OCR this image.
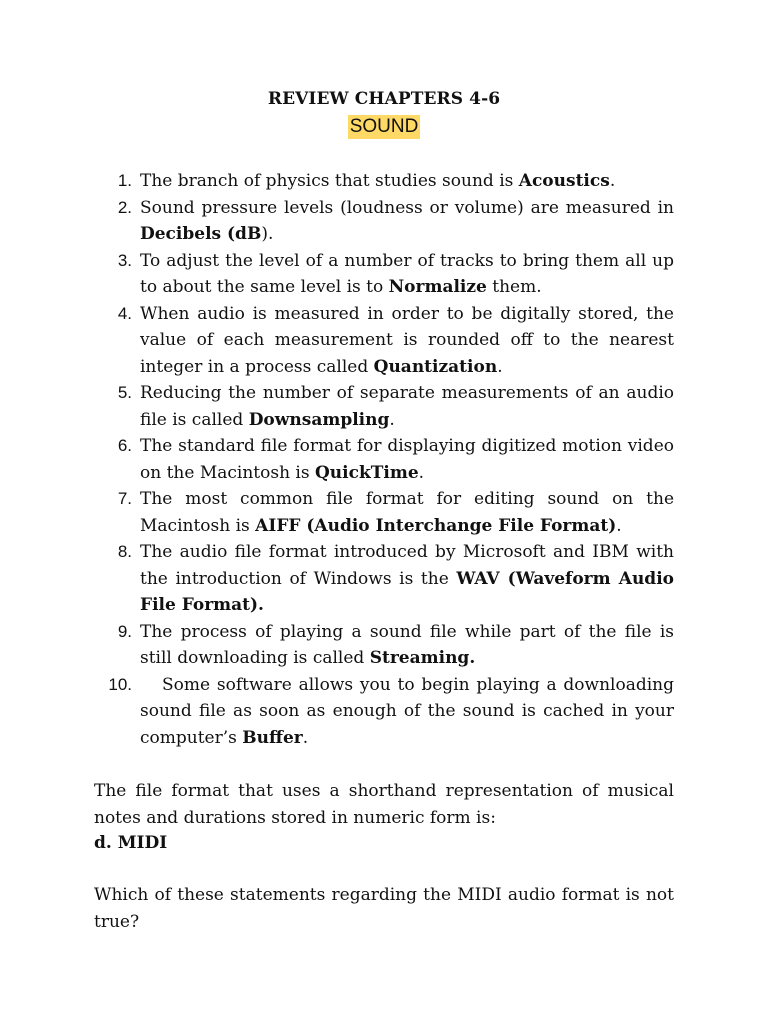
REVIEW CHAPTERS 4-6
SOUND
1. The branch of physics that studies sound is Acoustics.
2. Sound pressure levels (loudness or volume) are measured in Decibels (dB).
3. To adjust the level of a number of tracks to bring them all up to about the same level is to Normalize them.
4. When audio is measured in order to be digitally stored, the value of each measurement is rounded off to the nearest integer in a process called Quantization.
5. Reducing the number of separate measurements of an audio file is called Downsampling.
6. The standard file format for displaying digitized motion video on the Macintosh is QuickTime.
7. The most common file format for editing sound on the Macintosh is AIFF (Audio Interchange File Format).
8. The audio file format introduced by Microsoft and IBM with the introduction of Windows is the WAV (Waveform Audio File Format).
9. The process of playing a sound file while part of the file is still downloading is called Streaming.
10. Some software allows you to begin playing a downloading sound file as soon as enough of the sound is cached in your computer’s Buffer.

The file format that uses a shorthand representation of musical notes and durations stored in numeric form is:

d. MIDI

Which of these statements regarding the MIDI audio format is not true?
